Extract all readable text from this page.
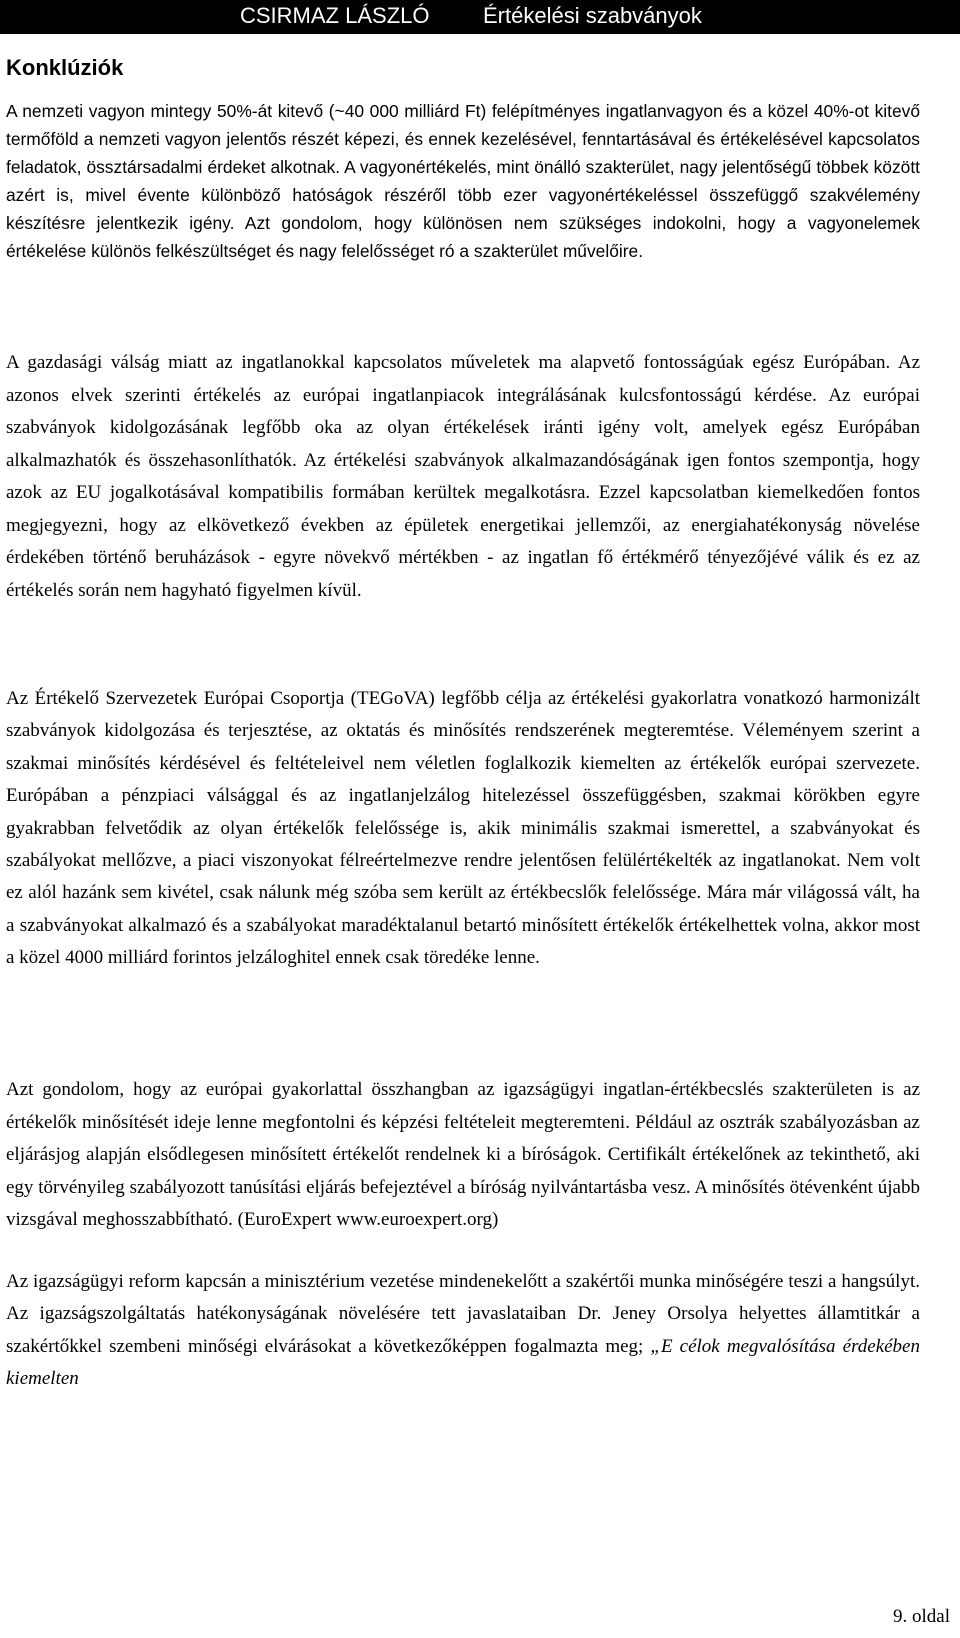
CSIRMAZ LÁSZLÓ Értékelési szabványok
Konklúziók

A nemzeti vagyon mintegy 50%-át kitevő (~40 000 milliárd Ft) felépítményes ingatlanvagyon és a közel 40%-ot kitevő termőföld a nemzeti vagyon jelentős részét képezi, és ennek kezelésével, fenntartásával és értékelésével kapcsolatos feladatok, össztársadalmi érdeket alkotnak. A vagyonértékelés, mint önálló szakterület, nagy jelentőségű többek között azért is, mivel évente különböző hatóságok részéről több ezer vagyonértékeléssel összefüggő szakvélemény készítésre jelentkezik igény. Azt gondolom, hogy különösen nem szükséges indokolni, hogy a vagyonelemek értékelése különös felkészültséget és nagy felelősséget ró a szakterület művelőire.

A gazdasági válság miatt az ingatlanokkal kapcsolatos műveletek ma alapvető fontosságúak egész Európában. Az azonos elvek szerinti értékelés az európai ingatlanpiacok integrálásának kulcsfontosságú kérdése. Az európai szabványok kidolgozásának legfőbb oka az olyan értékelések iránti igény volt, amelyek egész Európában alkalmazhatók és összehasonlíthatók. Az értékelési szabványok alkalmazandóságának igen fontos szempontja, hogy azok az EU jogalkotásával kompatibilis formában kerültek megalkotásra. Ezzel kapcsolatban kiemelkedően fontos megjegyezni, hogy az elkövetkező években az épületek energetikai jellemzői, az energiahatékonyság növelése érdekében történő beruházások - egyre növekvő mértékben - az ingatlan fő értékmérő tényezőjévé válik és ez az értékelés során nem hagyható figyelmen kívül.

Az Értékelő Szervezetek Európai Csoportja (TEGoVA) legfőbb célja az értékelési gyakorlatra vonatkozó harmonizált szabványok kidolgozása és terjesztése, az oktatás és minősítés rendszerének megteremtése. Véleményem szerint a szakmai minősítés kérdésével és feltételeivel nem véletlen foglalkozik kiemelten az értékelők európai szervezete. Európában a pénzpiaci válsággal és az ingatlanjelzálog hitelezéssel összefüggésben, szakmai körökben egyre gyakrabban felvetődik az olyan értékelők felelőssége is, akik minimális szakmai ismerettel, a szabványokat és szabályokat mellőzve, a piaci viszonyokat félreértelmezve rendre jelentősen felülértékelték az ingatlanokat. Nem volt ez alól hazánk sem kivétel, csak nálunk még szóba sem került az értékbecslők felelőssége. Mára már világossá vált, ha a szabványokat alkalmazó és a szabályokat maradéktalanul betartó minősített értékelők értékelhettek volna, akkor most a közel 4000 milliárd forintos jelzáloghitel ennek csak töredéke lenne.

Azt gondolom, hogy az európai gyakorlattal összhangban az igazságügyi ingatlan-értékbecslés szakterületen is az értékelők minősítését ideje lenne megfontolni és képzési feltételeit megteremteni. Például az osztrák szabályozásban az eljárásjog alapján elsődlegesen minősített értékelőt rendelnek ki a bíróságok. Certifikált értékelőnek az tekinthető, aki egy törvényileg szabályozott tanúsítási eljárás befejeztével a bíróság nyilvántartásba vesz. A minősítés ötévenként újabb vizsgával meghosszabbítható. (EuroExpert www.euroexpert.org)

Az igazságügyi reform kapcsán a minisztérium vezetése mindenekelőtt a szakértői munka minőségére teszi a hangsúlyt. Az igazságszolgáltatás hatékonyságának növelésére tett javaslataiban Dr. Jeney Orsolya helyettes államtitkár a szakértőkkel szembeni minőségi elvárásokat a következőképpen fogalmazta meg; „E célok megvalósítása érdekében kiemelten

9. oldal
